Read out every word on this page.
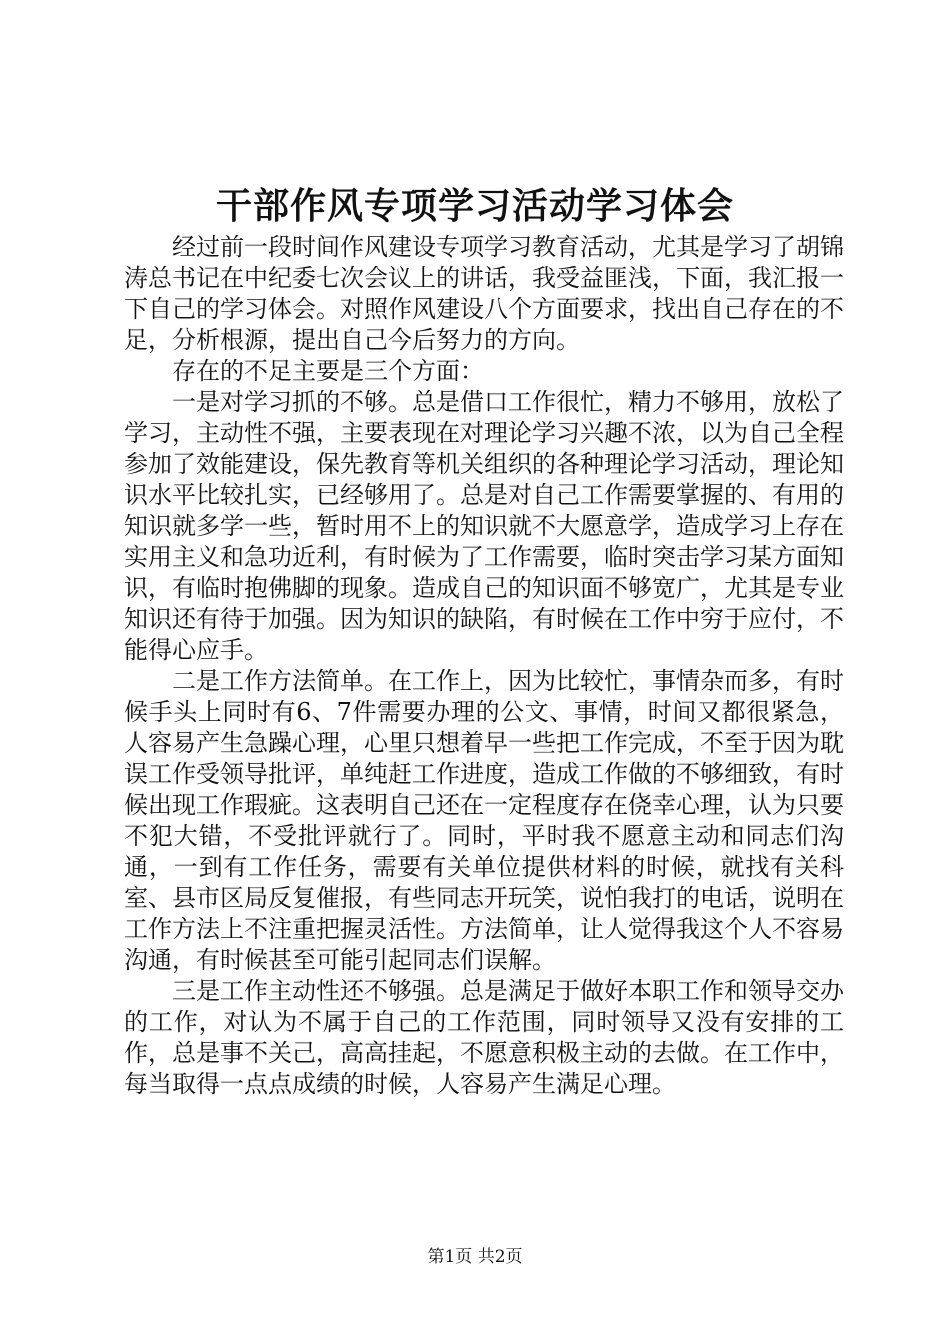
干部作风专项学习活动学习体会

经过前一段时间作风建设专项学习教育活动，尤其是学习了胡锦涛总书记在中纪委七次会议上的讲话，我受益匪浅，下面，我汇报一下自己的学习体会。对照作风建设八个方面要求，找出自己存在的不足，分析根源，提出自己今后努力的方向。

存在的不足主要是三个方面：

一是对学习抓的不够。总是借口工作很忙，精力不够用，放松了学习，主动性不强，主要表现在对理论学习兴趣不浓，以为自己全程参加了效能建设，保先教育等机关组织的各种理论学习活动，理论知识水平比较扎实，已经够用了。总是对自己工作需要掌握的、有用的知识就多学一些，暂时用不上的知识就不大愿意学，造成学习上存在实用主义和急功近利，有时候为了工作需要，临时突击学习某方面知识，有临时抱佛脚的现象。造成自己的知识面不够宽广，尤其是专业知识还有待于加强。因为知识的缺陷，有时候在工作中穷于应付，不能得心应手。

二是工作方法简单。在工作上，因为比较忙，事情杂而多，有时候手头上同时有6、7件需要办理的公文、事情，时间又都很紧急，人容易产生急躁心理，心里只想着早一些把工作完成，不至于因为耽误工作受领导批评，单纯赶工作进度，造成工作做的不够细致，有时候出现工作瑕疵。这表明自己还在一定程度存在侥幸心理，认为只要不犯大错，不受批评就行了。同时，平时我不愿意主动和同志们沟通，一到有工作任务，需要有关单位提供材料的时候，就找有关科室、县市区局反复催报，有些同志开玩笑，说怕我打的电话，说明在工作方法上不注重把握灵活性。方法简单，让人觉得我这个人不容易沟通，有时候甚至可能引起同志们误解。

三是工作主动性还不够强。总是满足于做好本职工作和领导交办的工作，对认为不属于自己的工作范围，同时领导又没有安排的工作，总是事不关己，高高挂起，不愿意积极主动的去做。在工作中，每当取得一点点成绩的时候，人容易产生满足心理。

第1页 共2页
